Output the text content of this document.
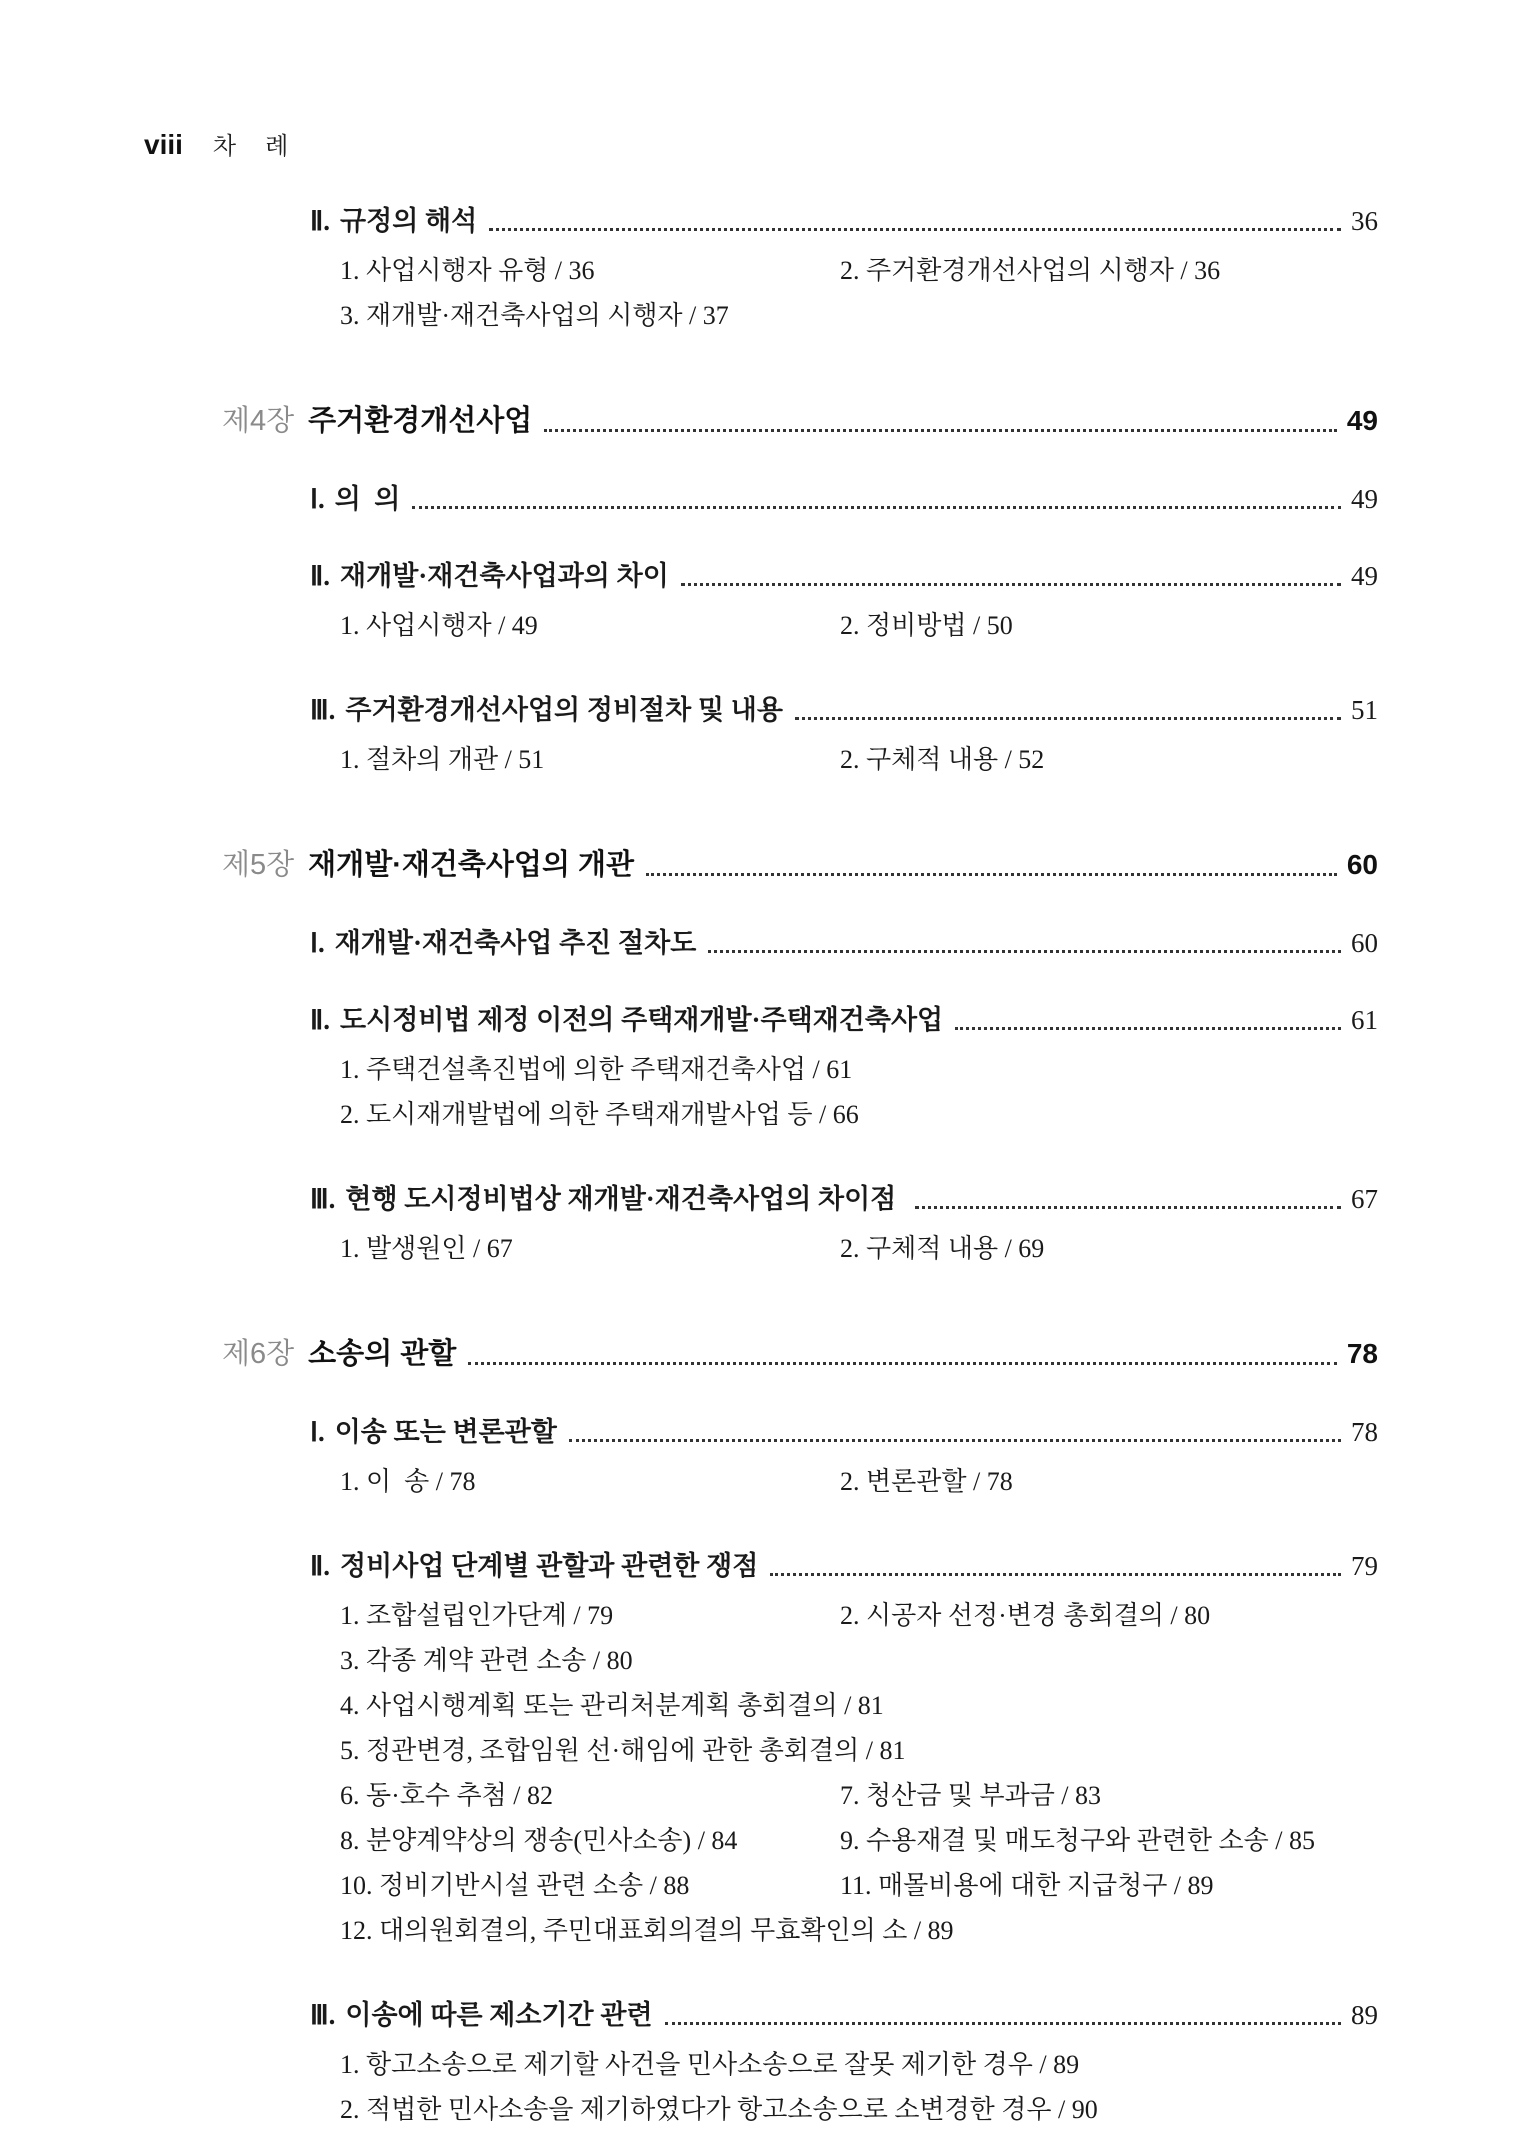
viii 차    례
Ⅱ. 규정의 해석	36
1. 사업시행자 유형 / 36	2. 주거환경개선사업의 시행자 / 36
3. 재개발·재건축사업의 시행자 / 37
제4장 주거환경개선사업	49
Ⅰ. 의  의	49
Ⅱ. 재개발·재건축사업과의 차이	49
1. 사업시행자 / 49	2. 정비방법 / 50
Ⅲ. 주거환경개선사업의 정비절차 및 내용	51
1. 절차의 개관 / 51	2. 구체적 내용 / 52
제5장 재개발·재건축사업의 개관	60
Ⅰ. 재개발·재건축사업 추진 절차도	60
Ⅱ. 도시정비법 제정 이전의 주택재개발·주택재건축사업	61
1. 주택건설촉진법에 의한 주택재건축사업 / 61
2. 도시재개발법에 의한 주택재개발사업 등 / 66
Ⅲ. 현행 도시정비법상 재개발·재건축사업의 차이점	67
1. 발생원인 / 67	2. 구체적 내용 / 69
제6장 소송의 관할	78
Ⅰ. 이송 또는 변론관할	78
1. 이  송 / 78	2. 변론관할 / 78
Ⅱ. 정비사업 단계별 관할과 관련한 쟁점	79
1. 조합설립인가단계 / 79	2. 시공자 선정·변경 총회결의 / 80
3. 각종 계약 관련 소송 / 80
4. 사업시행계획 또는 관리처분계획 총회결의 / 81
5. 정관변경, 조합임원 선·해임에 관한 총회결의 / 81
6. 동·호수 추첨 / 82	7. 청산금 및 부과금 / 83
8. 분양계약상의 쟁송(민사소송) / 84	9. 수용재결 및 매도청구와 관련한 소송 / 85
10. 정비기반시설 관련 소송 / 88	11. 매몰비용에 대한 지급청구 / 89
12. 대의원회결의, 주민대표회의결의 무효확인의 소 / 89
Ⅲ. 이송에 따른 제소기간 관련	89
1. 항고소송으로 제기할 사건을 민사소송으로 잘못 제기한 경우 / 89
2. 적법한 민사소송을 제기하였다가 항고소송으로 소변경한 경우 / 90
